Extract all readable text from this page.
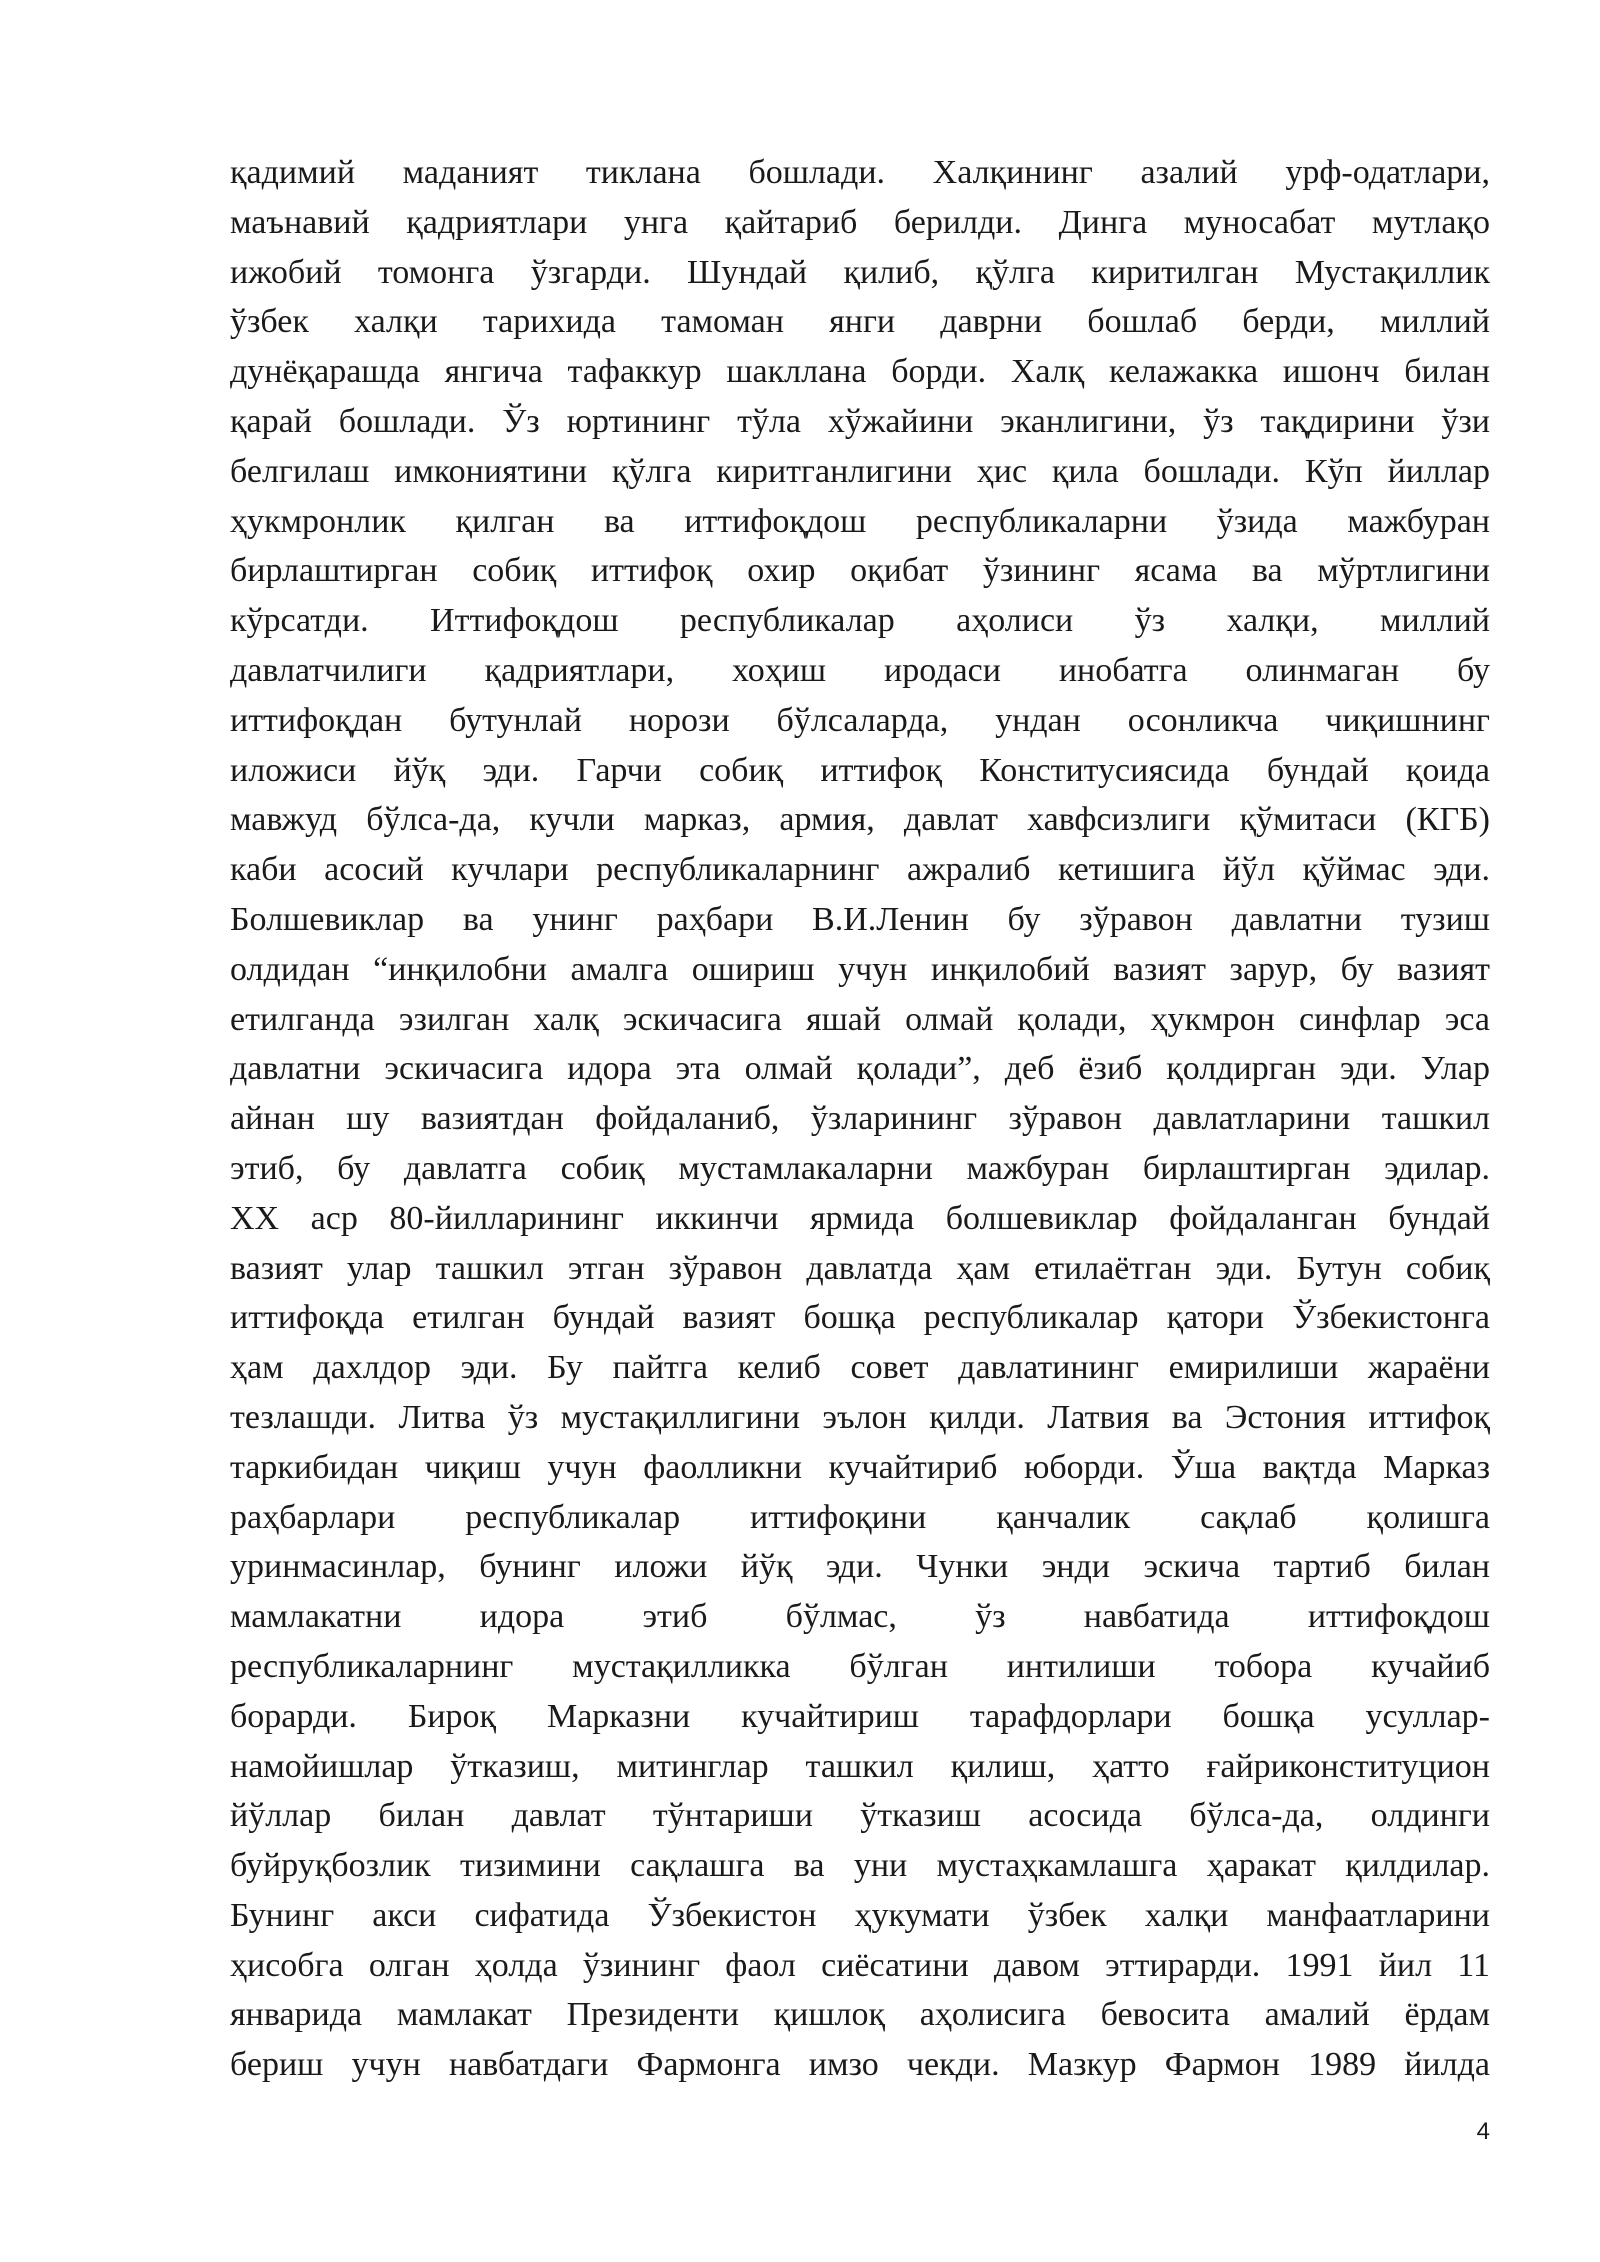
қадимий маданият тиклана бошлади. Халқининг азалий урф-одатлари,
маънавий қадриятлари унга қайтариб берилди. Динга муносабат мутлақо
ижобий томонга ўзгарди. Шундай қилиб, қўлга киритилган Мустақиллик
ўзбек халқи тарихида тамоман янги даврни бошлаб берди, миллий
дунёқарашда янгича тафаккур шакллана борди. Халқ келажакка ишонч билан
қарай бошлади. Ўз юртининг тўла хўжайини эканлигини, ўз тақдирини ўзи
белгилаш имкониятини қўлга киритганлигини ҳис қила бошлади. Кўп йиллар
ҳукмронлик қилган ва иттифоқдош республикаларни ўзида мажбуран
бирлаштирган собиқ иттифоқ охир оқибат ўзининг ясама ва мўртлигини
кўрсатди. Иттифоқдош республикалар аҳолиси ўз халқи, миллий
давлатчилиги қадриятлари, хоҳиш иродаси инобатга олинмаган бу
иттифоқдан бутунлай норози бўлсаларда, ундан осонликча чиқишнинг
иложиси йўқ эди. Гарчи собиқ иттифоқ Конститусиясида бундай қоида
мавжуд бўлса-да, кучли марказ, армия, давлат хавфсизлиги қўмитаси (КГБ)
каби асосий кучлари республикаларнинг ажралиб кетишига йўл қўймас эди.
Болшевиклар ва унинг раҳбари В.И.Ленин бу зўравон давлатни тузиш
олдидан “инқилобни амалга ошириш учун инқилобий вазият зарур, бу вазият
етилганда эзилган халқ эскичасига яшай олмай қолади, ҳукмрон синфлар эса
давлатни эскичасига идора эта олмай қолади”, деб ёзиб қолдирган эди. Улар
айнан шу вазиятдан фойдаланиб, ўзларининг зўравон давлатларини ташкил
этиб, бу давлатга собиқ мустамлакаларни мажбуран бирлаштирган эдилар.
XX аср 80-йилларининг иккинчи ярмида болшевиклар фойдаланган бундай
вазият улар ташкил этган зўравон давлатда ҳам етилаётган эди. Бутун собиқ
иттифоқда етилган бундай вазият бошқа республикалар қатори Ўзбекистонга
ҳам дахлдор эди. Бу пайтга келиб совет давлатининг емирилиши жараёни
тезлашди. Литва ўз мустақиллигини эълон қилди. Латвия ва Эстония иттифоқ
таркибидан чиқиш учун фаолликни кучайтириб юборди. Ўша вақтда Марказ
раҳбарлари республикалар иттифоқини қанчалик сақлаб қолишга
уринмасинлар, бунинг иложи йўқ эди. Чунки энди эскича тартиб билан
мамлакатни идора этиб бўлмас, ўз навбатида иттифоқдош
республикаларнинг мустақилликка бўлган интилиши тобора кучайиб
борарди. Бироқ Марказни кучайтириш тарафдорлари бошқа усуллар-
намойишлар ўтказиш, митинглар ташкил қилиш, ҳатто ғайриконституцион
йўллар билан давлат тўнтариши ўтказиш асосида бўлса-да, олдинги
буйруқбозлик тизимини сақлашга ва уни мустаҳкамлашга ҳаракат қилдилар.
Бунинг акси сифатида Ўзбекистон ҳукумати ўзбек халқи манфаатларини
ҳисобга олган ҳолда ўзининг фаол сиёсатини давом эттирарди. 1991 йил 11
январида мамлакат Президенти қишлоқ аҳолисига бевосита амалий ёрдам
бериш учун навбатдаги Фармонга имзо чекди. Мазкур Фармон 1989 йилда
4
